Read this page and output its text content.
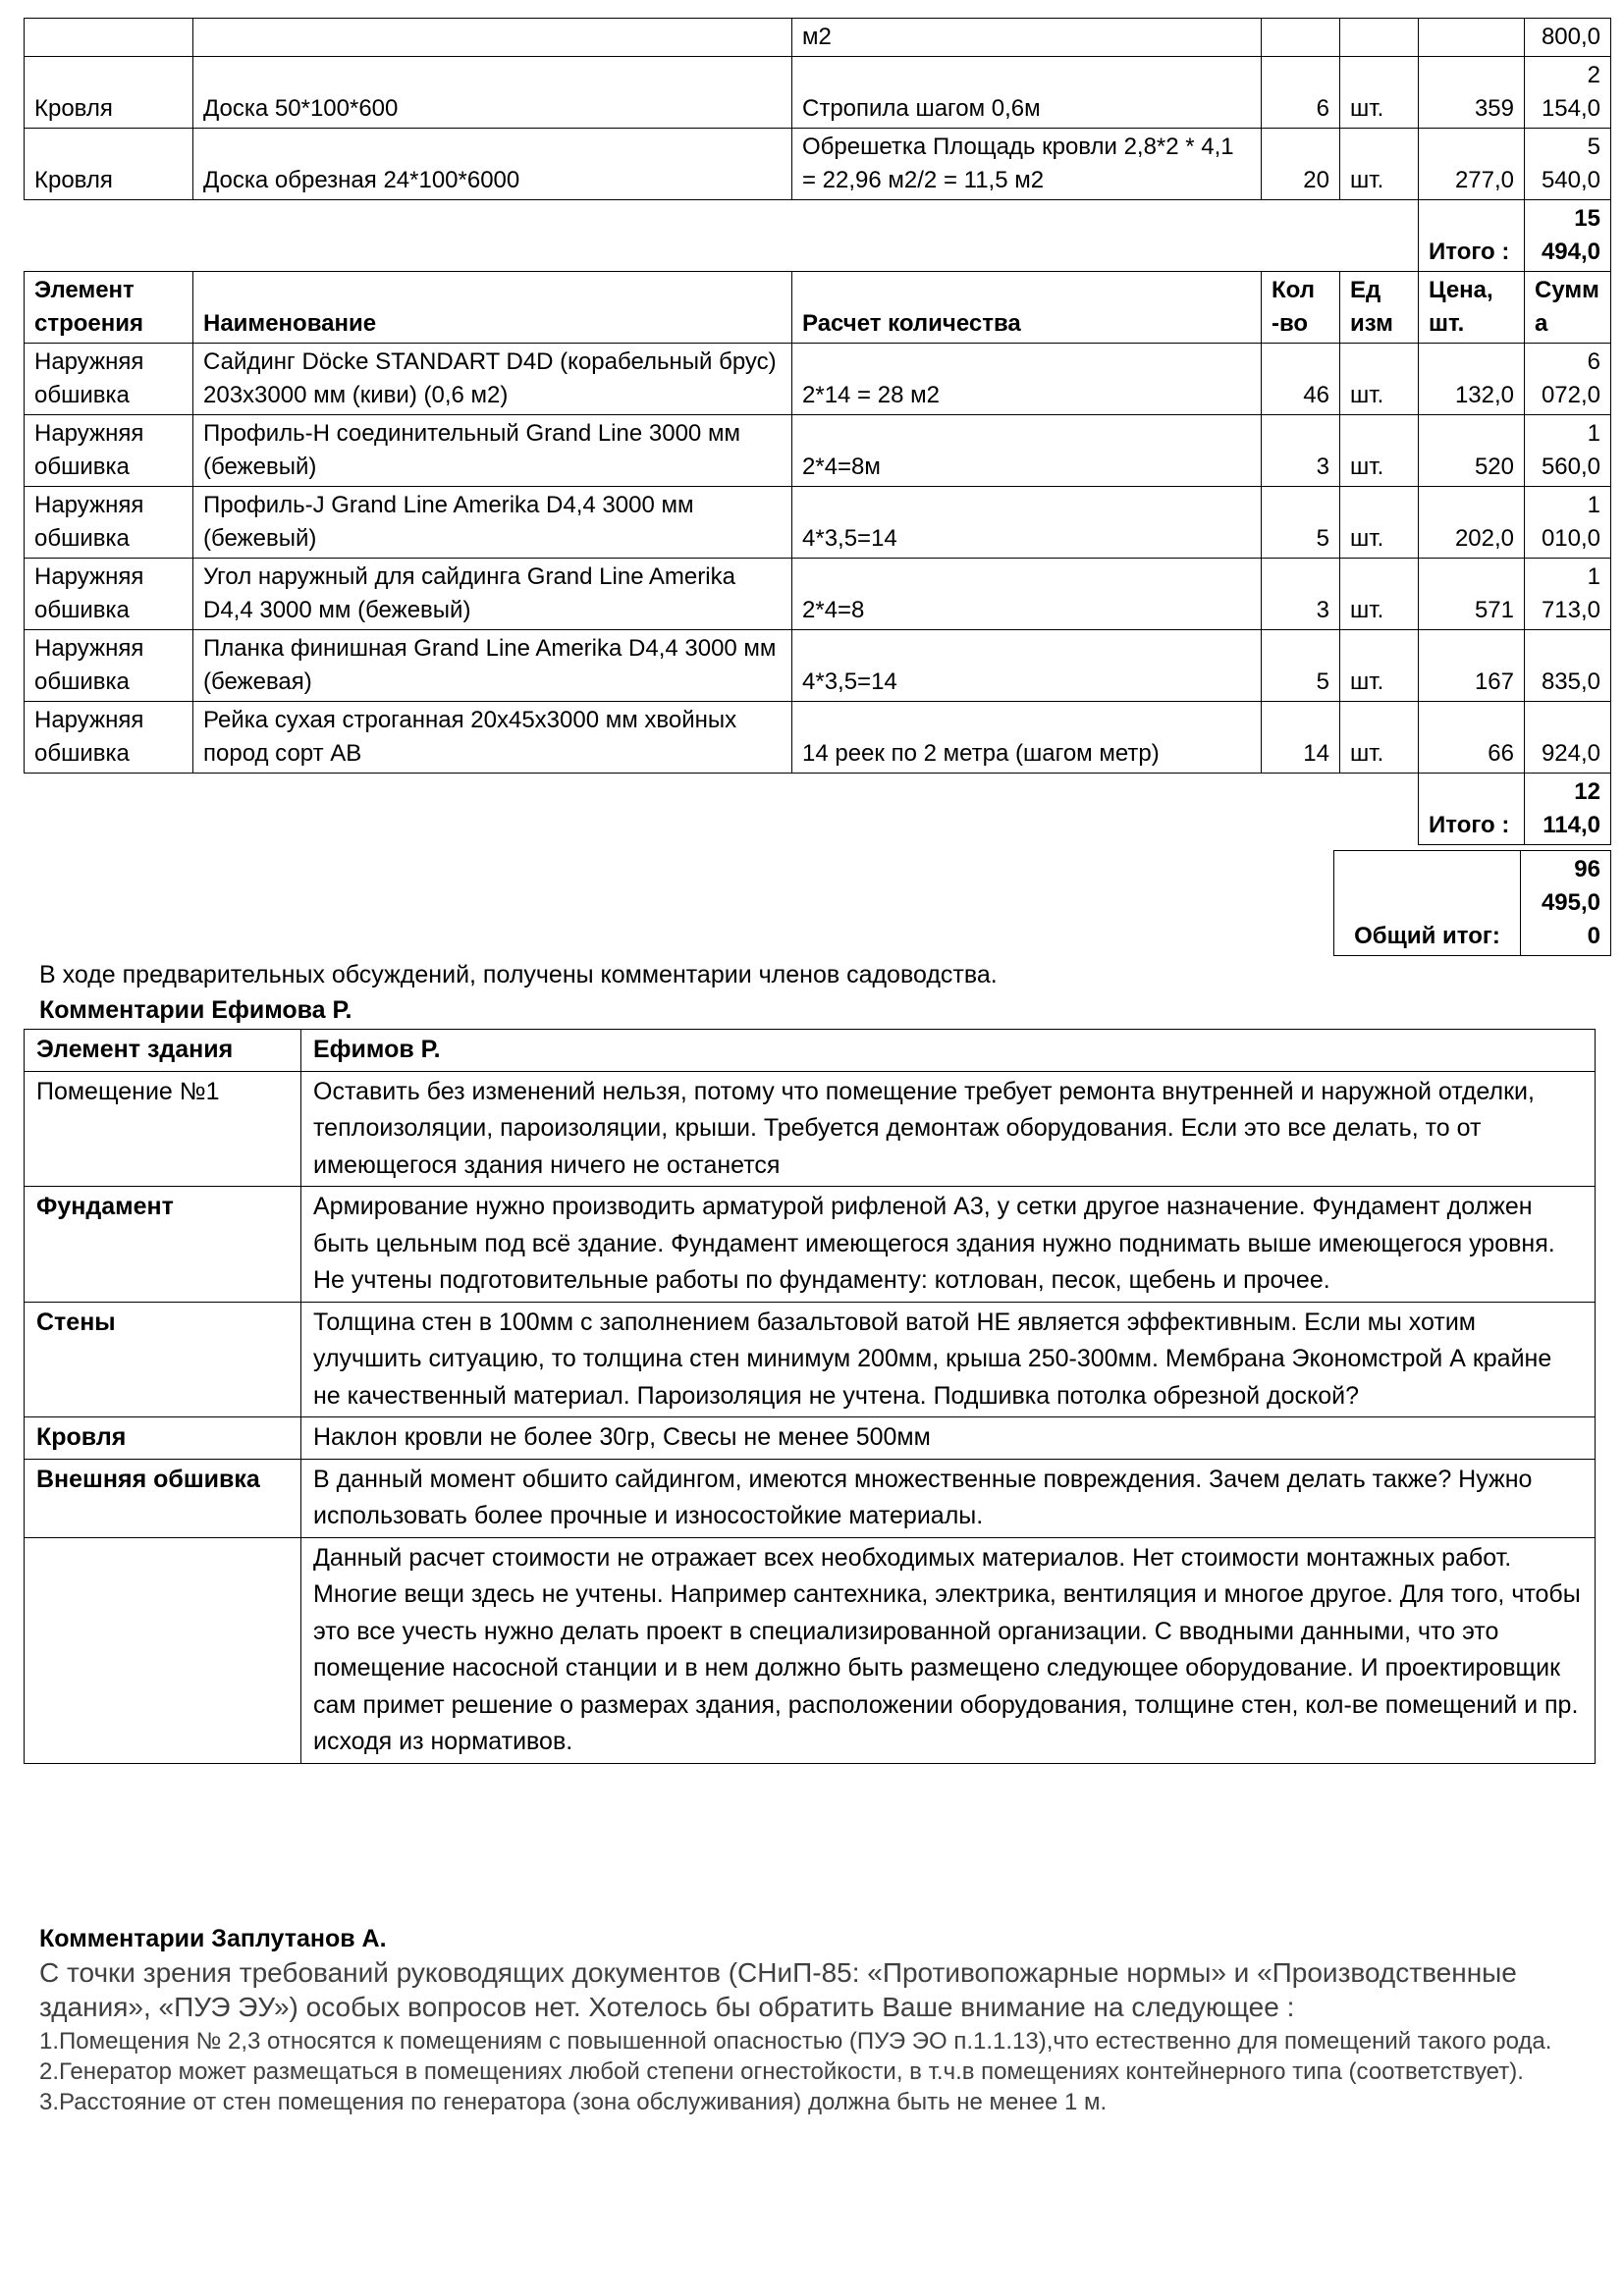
		м2				800,0
Кровля	Доска 50*100*600	Стропила шагом 0,6м	6	шт.	359	2 154,0
Кровля	Доска обрезная 24*100*6000	Обрешетка Площадь кровли 2,8*2 * 4,1 = 22,96 м2/2 = 11,5 м2	20	шт.	277,0	5 540,0
					Итого :	15 494,0
Элемент строения	Наименование	Расчет количества	Кол -во	Ед изм	Цена, шт.	Сумм а
Наружняя обшивка	Сайдинг Döcke STANDART D4D (корабельный брус) 203x3000 мм (киви) (0,6 м2)	2*14 = 28 м2	46	шт.	132,0	6 072,0
Наружняя обшивка	Профиль-H соединительный Grand Line 3000 мм (бежевый)	2*4=8м	3	шт.	520	1 560,0
Наружняя обшивка	Профиль-J Grand Line Amerika D4,4 3000 мм (бежевый)	4*3,5=14	5	шт.	202,0	1 010,0
Наружняя обшивка	Угол наружный для сайдинга Grand Line Amerika D4,4 3000 мм (бежевый)	2*4=8	3	шт.	571	1 713,0
Наружняя обшивка	Планка финишная Grand Line Amerika D4,4 3000 мм (бежевая)	4*3,5=14	5	шт.	167	835,0
Наружняя обшивка	Рейка сухая строганная 20х45х3000 мм хвойных пород сорт АВ	14 реек по 2 метра (шагом метр)	14	шт.	66	924,0
					Итого :	12 114,0
Общий итог:	96 495,0 0
В ходе предварительных обсуждений, получены комментарии членов садоводства.
Комментарии Ефимова Р.
Элемент здания	Ефимов Р.
Помещение №1	Оставить без изменений нельзя, потому что помещение требует ремонта внутренней и наружной отделки, теплоизоляции, пароизоляции, крыши. Требуется демонтаж оборудования. Если это все делать, то от имеющегося здания ничего не останется
Фундамент	Армирование нужно производить арматурой рифленой А3, у сетки другое назначение. Фундамент должен быть цельным под всё здание. Фундамент имеющегося здания нужно поднимать выше имеющегося уровня. Не учтены подготовительные работы по фундаменту: котлован, песок, щебень и прочее.
Стены	Толщина стен в 100мм с заполнением базальтовой ватой НЕ является эффективным. Если мы хотим улучшить ситуацию, то толщина стен минимум 200мм, крыша 250-300мм. Мембрана Экономстрой А крайне не качественный материал. Пароизоляция не учтена. Подшивка потолка обрезной доской?
Кровля	Наклон кровли не более 30гр, Свесы не менее 500мм
Внешняя обшивка	В данный момент обшито сайдингом, имеются множественные повреждения. Зачем делать также? Нужно использовать более прочные и износостойкие материалы.
	Данный расчет стоимости не отражает всех необходимых материалов. Нет стоимости монтажных работ.
Многие вещи здесь не учтены. Например сантехника, электрика, вентиляция и многое другое. Для того, чтобы это все учесть нужно делать проект в специализированной организации. С вводными данными, что это помещение насосной станции и в нем должно быть размещено следующее оборудование. И проектировщик сам примет решение о размерах здания, расположении оборудования, толщине стен, кол-ве помещений и пр. исходя из нормативов.
Комментарии Заплутанов А.

С точки зрения требований руководящих документов (СНиП-85: «Противопожарные нормы» и «Производственные здания», «ПУЭ ЭУ») особых вопросов нет. Хотелось бы обратить Ваше внимание на следующее :

1.Помещения № 2,3 относятся к помещениям с повышенной опасностью (ПУЭ ЭО п.1.1.13),что естественно для помещений такого рода.

2.Генератор может размещаться в помещениях любой степени огнестойкости, в т.ч.в помещениях контейнерного типа (соответствует).

3.Расстояние от стен помещения по генератора (зона обслуживания) должна быть не менее 1 м.
